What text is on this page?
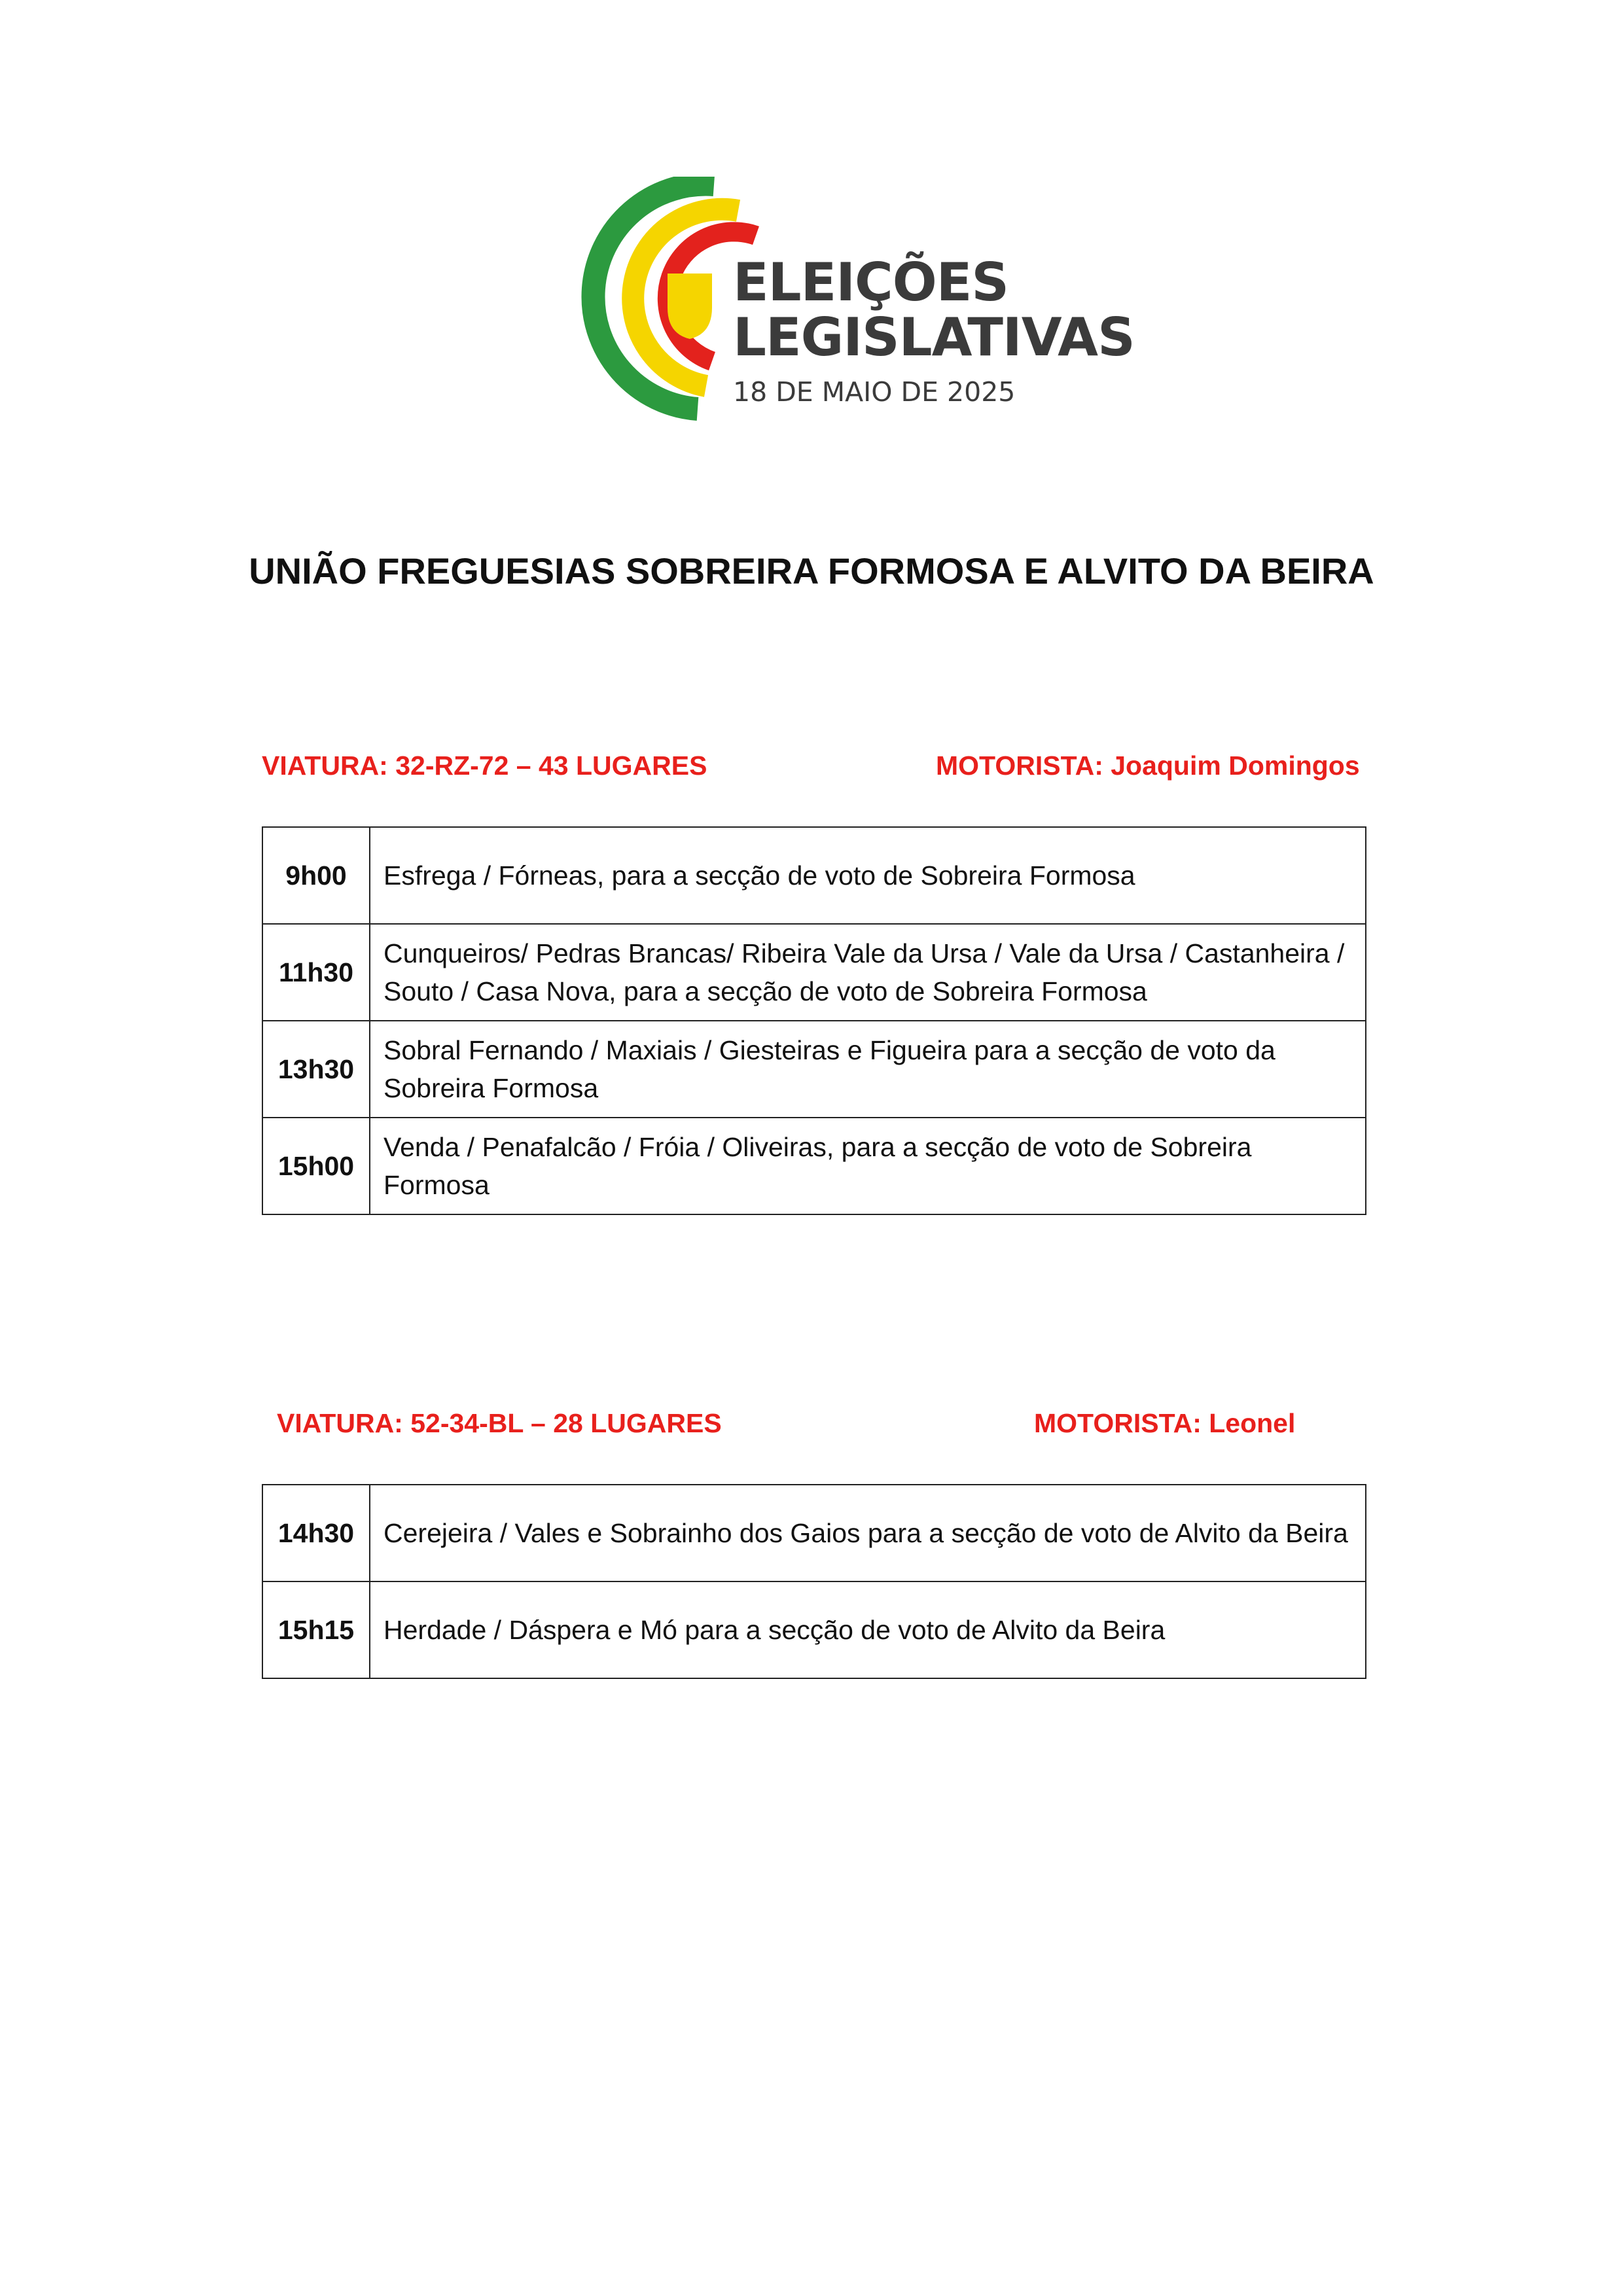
ELEIÇÕES
LEGISLATIVAS
18 DE MAIO DE 2025
UNIÃO FREGUESIAS SOBREIRA FORMOSA E ALVITO DA BEIRA
VIATURA: 32-RZ-72 – 43 LUGARES	MOTORISTA: Joaquim Domingos
9h00	Esfrega / Fórneas, para a secção de voto de Sobreira Formosa
11h30	Cunqueiros/ Pedras Brancas/ Ribeira Vale da Ursa / Vale da Ursa / Castanheira / Souto / Casa Nova, para a secção de voto de Sobreira Formosa
13h30	Sobral Fernando / Maxiais / Giesteiras e Figueira para a secção de voto da Sobreira Formosa
15h00	Venda / Penafalcão / Fróia / Oliveiras, para a secção de voto de Sobreira Formosa
VIATURA: 52-34-BL – 28 LUGARES	MOTORISTA: Leonel
14h30	Cerejeira / Vales e Sobrainho dos Gaios para a secção de voto de Alvito da Beira
15h15	Herdade / Dáspera e Mó para a secção de voto de Alvito da Beira
